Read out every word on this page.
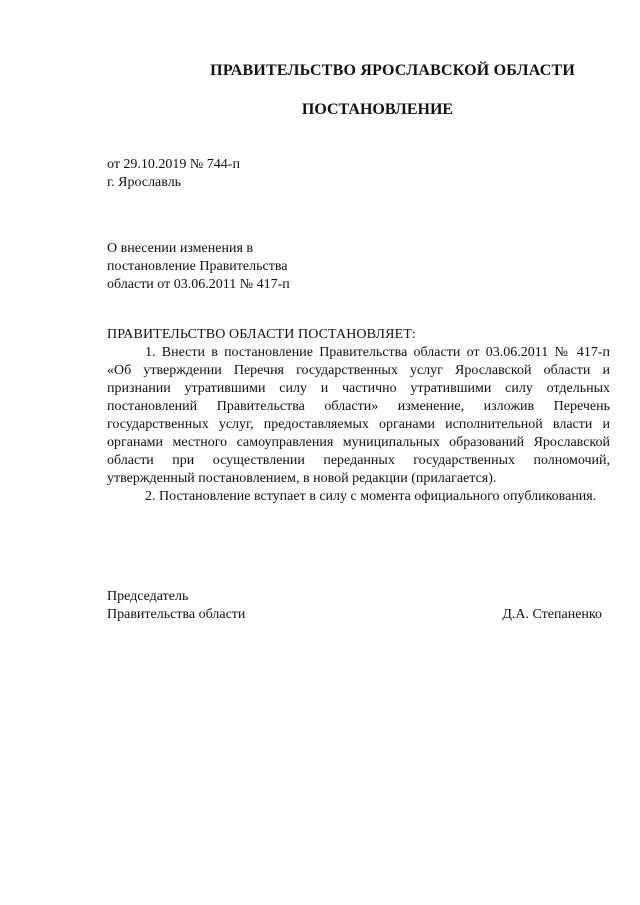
ПРАВИТЕЛЬСТВО ЯРОСЛАВСКОЙ ОБЛАСТИ
ПОСТАНОВЛЕНИЕ
от 29.10.2019 № 744-п
г. Ярославль
О внесении изменения в
постановление Правительства
области от 03.06.2011 № 417-п
ПРАВИТЕЛЬСТВО ОБЛАСТИ ПОСТАНОВЛЯЕТ:

1. Внести в постановление Правительства области от 03.06.2011 № 417-п «Об утверждении Перечня государственных услуг Ярославской области и признании утратившими силу и частично утратившими силу отдельных постановлений Правительства области» изменение, изложив Перечень государственных услуг, предоставляемых органами исполнительной власти и органами местного самоуправления муниципальных образований Ярославской области при осуществлении переданных государственных полномочий, утвержденный постановлением, в новой редакции (прилагается).

2. Постановление вступает в силу с момента официального опубликования.

Председатель
Правительства области	Д.А. Степаненко
